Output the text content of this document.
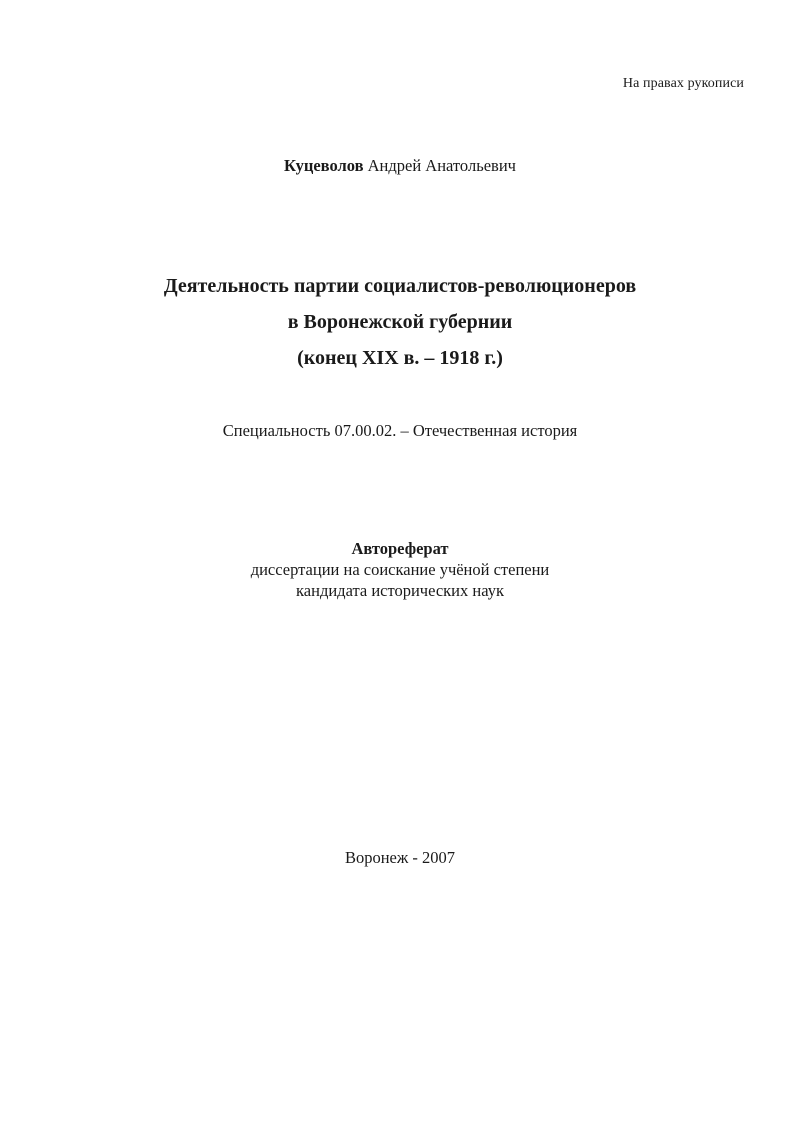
На правах рукописи
Куцеволов Андрей Анатольевич
Деятельность партии социалистов-революционеров
в Воронежской губернии
(конец XIX в. – 1918 г.)
Специальность 07.00.02. – Отечественная история
Автореферат
диссертации на соискание учёной степени
кандидата исторических наук
Воронеж - 2007
